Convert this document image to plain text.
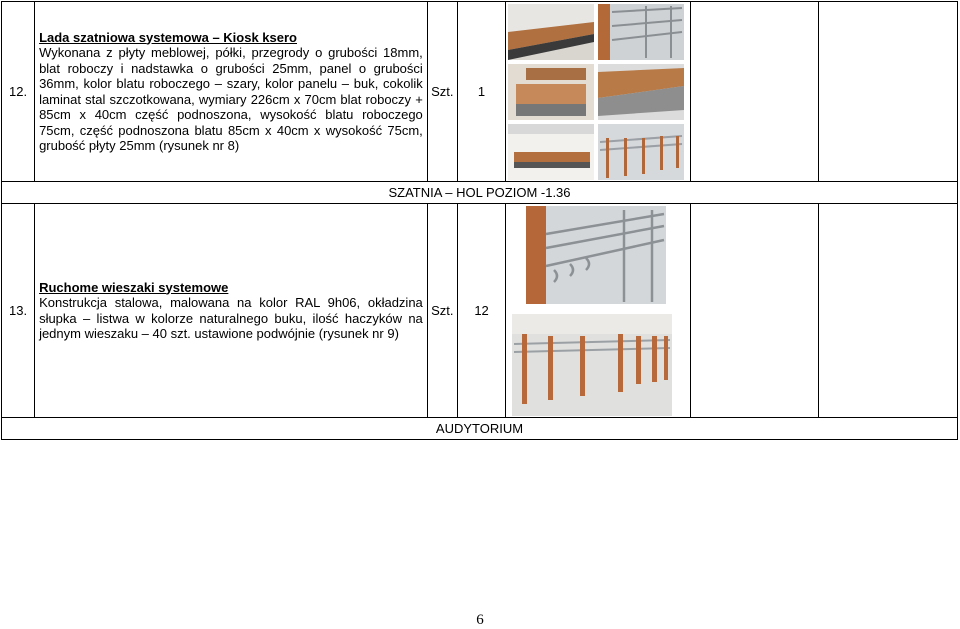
12.	Lada szatniowa systemowa – Kiosk ksero
Wykonana z płyty meblowej, półki, przegrody o grubości 18mm, blat roboczy i nadstawka o grubości 25mm, panel o grubości 36mm, kolor blatu roboczego – szary, kolor panelu – buk, cokolik laminat stal szczotkowana, wymiary 226cm x 70cm blat roboczy + 85cm x 40cm część podnoszona, wysokość blatu roboczego 75cm, część podnoszona blatu 85cm x 40cm x wysokość 75cm, grubość płyty 25mm (rysunek nr 8)	Szt.	1	

SZATNIA – HOL POZIOM -1.36						
13.	Ruchome wieszaki systemowe
Konstrukcja stalowa, malowana na kolor RAL 9h06, okładzina słupka – listwa w kolorze naturalnego buku, ilość haczyków na jednym wieszaku – 40 szt. ustawione podwójnie (rysunek nr 9)	Szt.	12	

AUDYTORIUM						
6
